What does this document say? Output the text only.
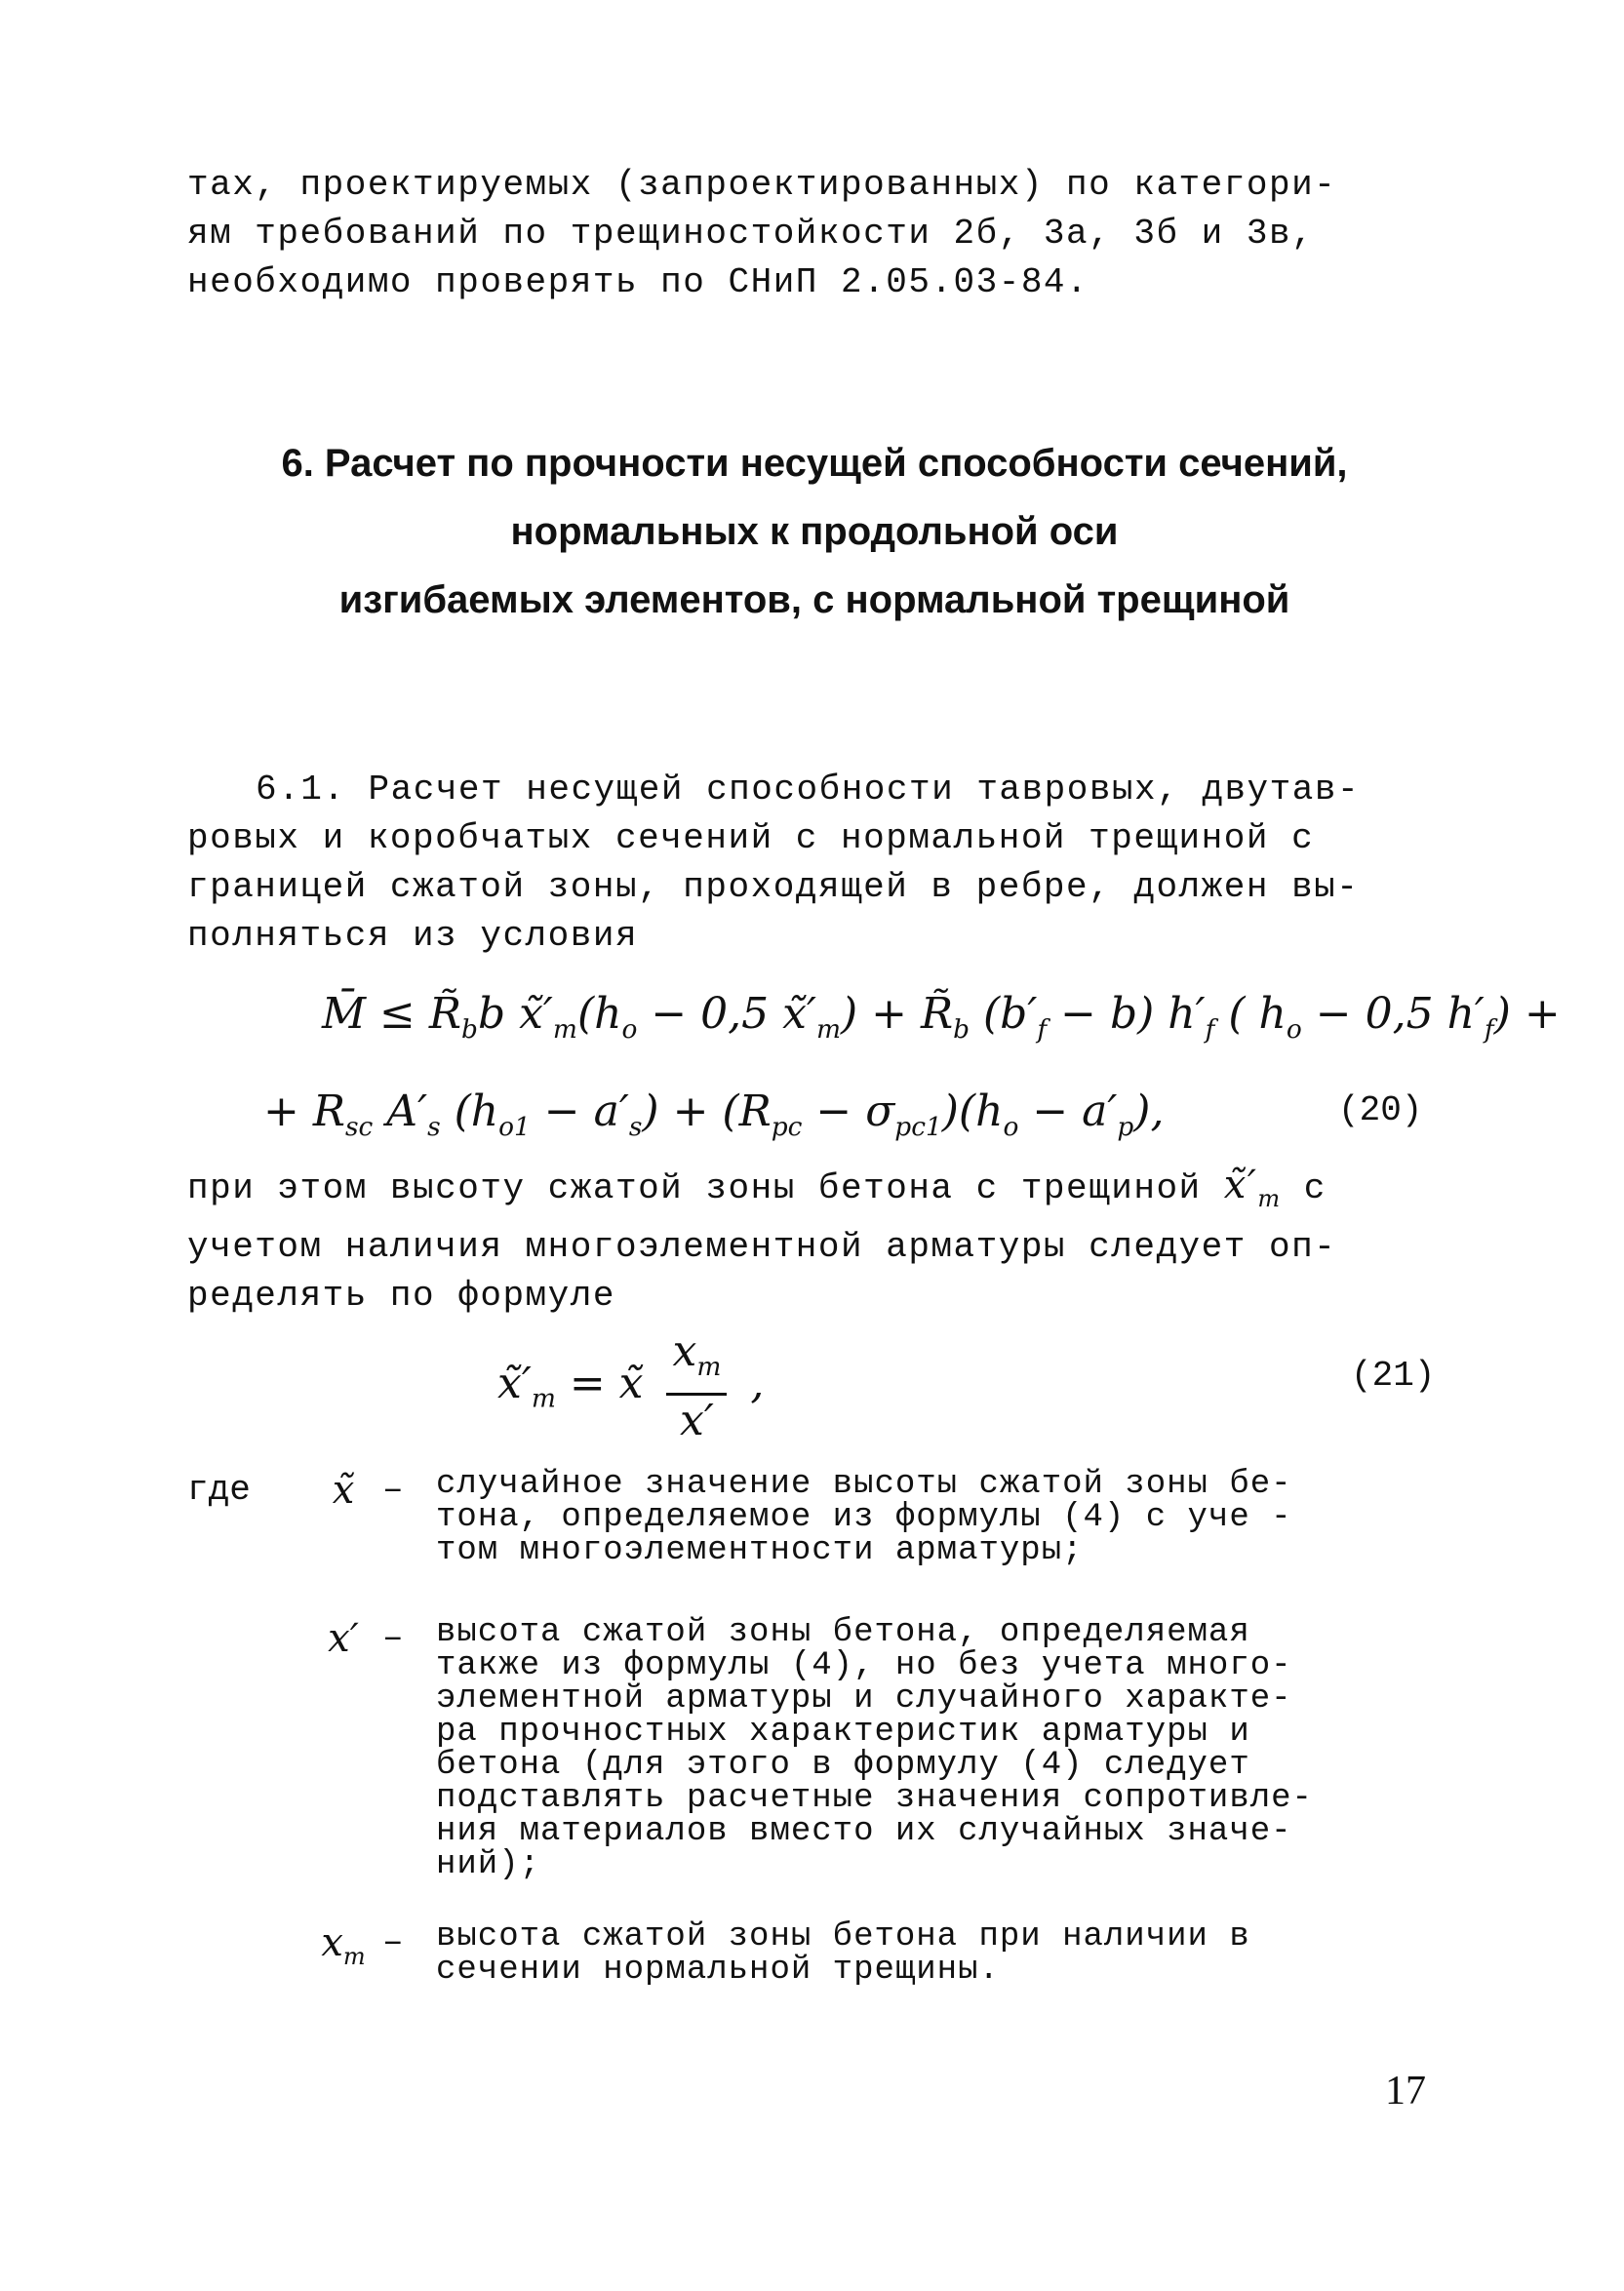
тах, проектируемых (запроектированных) по категори-
ям требований по трещиностойкости 2б, 3а, 3б и 3в,
необходимо проверять по СНиП 2.05.03-84.
6. Расчет по прочности несущей способности сечений,
нормальных к продольной оси
изгибаемых элементов, с нормальной трещиной
6.1. Расчет несущей способности тавровых, двутав-
ровых и коробчатых сечений с нормальной трещиной с
границей сжатой зоны, проходящей в ребре, должен вы-
полняться из условия
M̄ ≤ $R̃_bb$ $x̃'_т(h_o - 0,5$ $x̃'_т$) + $R̃_b$ $(b'_f - b)$ $h'_f$ ( $h_o - 0,5$ $h'_f$) +
+ $R_{sc}$ $A'_s$ $(h_{o1} - a'_s) + (R_{pc} - \sigma_{pc1})(h_o - a'_p)$,	(20)
при этом высоту сжатой зоны бетона с трещиной $x̃'_т$ с
учетом наличия многоэлементной арматуры следует оп-
ределять по формуле
$x̃'_т$ = x̃ $\frac{x_т}{x'}$ ,	(21)
где	x̃ – случайное значение высоты сжатой зоны бе-
тона, определяемое из формулы (4) с уче -
том многоэлементности арматуры;
x′ – высота сжатой зоны бетона, определяемая
также из формулы (4), но без учета много-
элементной арматуры и случайного характе-
ра прочностных характеристик арматуры и
бетона (для этого в формулу (4) следует
подставлять расчетные значения сопротивле-
ния материалов вместо их случайных значе-
ний);
$x_т$ – высота сжатой зоны бетона при наличии в
сечении нормальной трещины.
17
